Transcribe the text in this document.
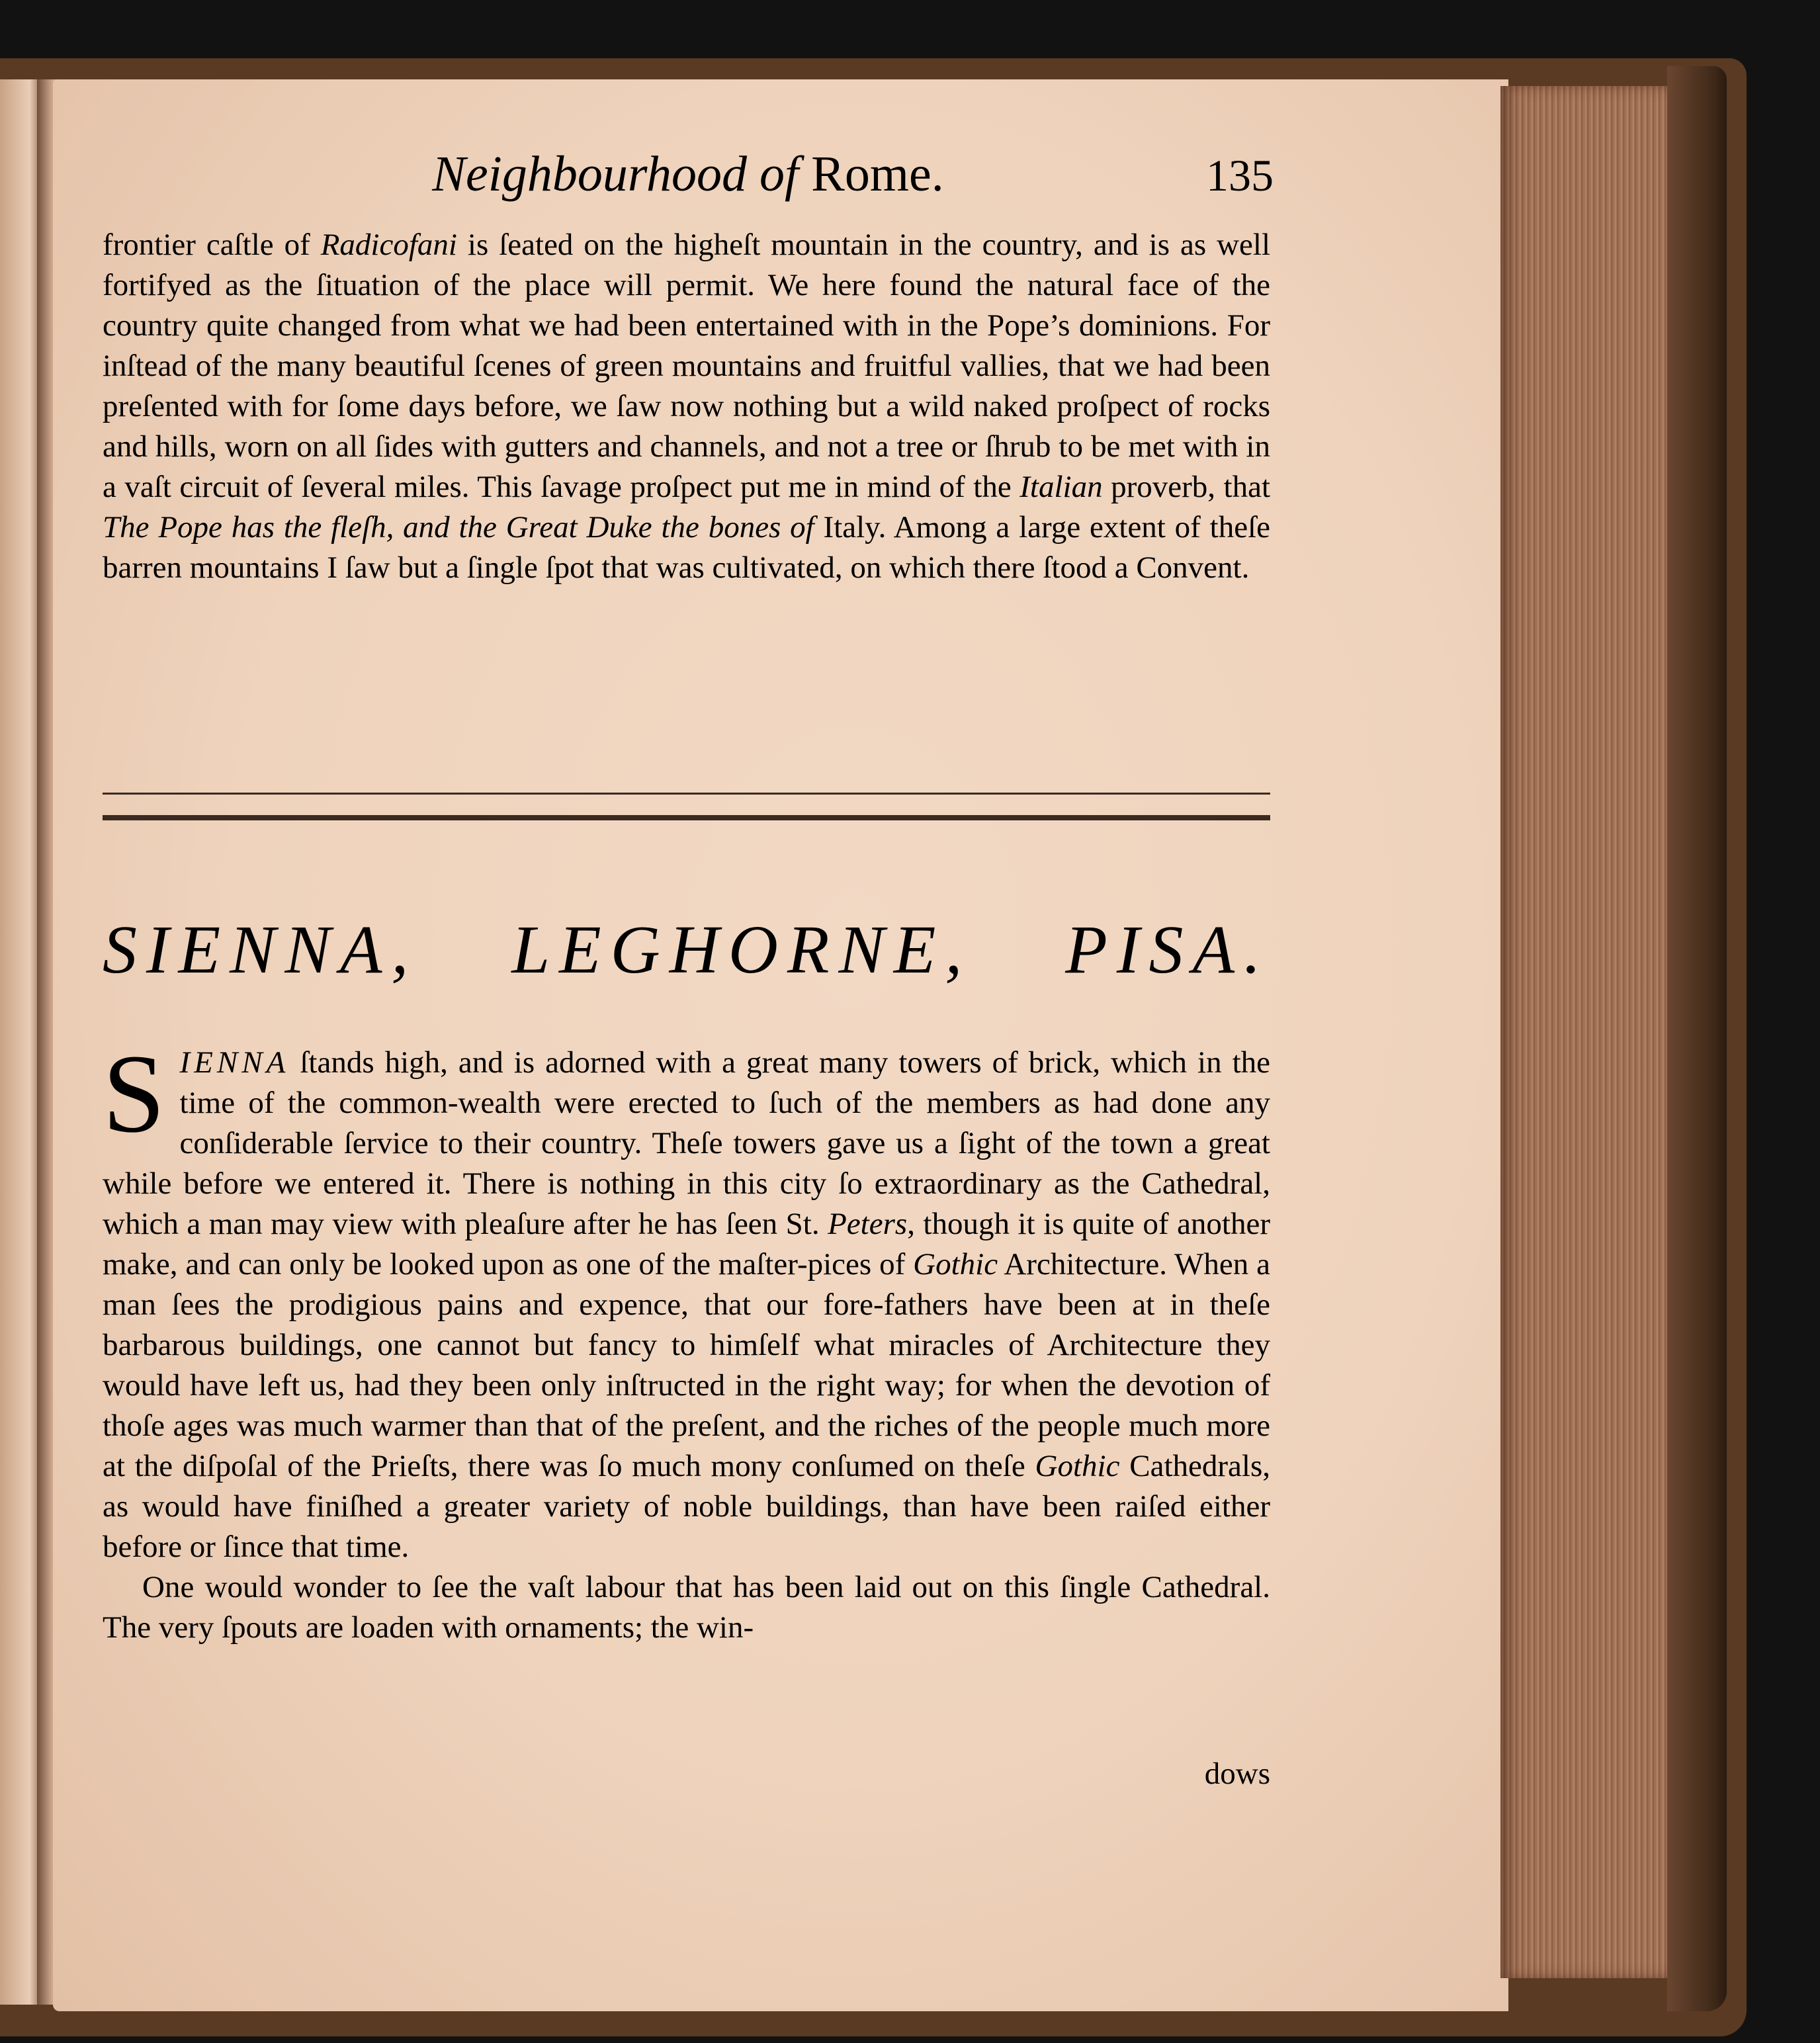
Neighbourhood of Rome.	135

frontier caſtle of Radicofani is ſeated on the higheſt mountain in the country, and is as well fortifyed as the ſituation of the place will permit. We here found the natural face of the country quite changed from what we had been entertained with in the Pope’s dominions. For inſtead of the many beautiful ſcenes of green mountains and fruitful vallies, that we had been preſented with for ſome days before, we ſaw now nothing but a wild naked proſpect of rocks and hills, worn on all ſides with gutters and channels, and not a tree or ſhrub to be met with in a vaſt circuit of ſeveral miles. This ſavage proſpect put me in mind of the Italian proverb, that The Pope has the fleſh, and the Great Duke the bones of Italy. Among a large extent of theſe barren mountains I ſaw but a ſingle ſpot that was cultivated, on which there ſtood a Convent.

SIENNA, LEGHORNE, PISA.

SIENNA ſtands high, and is adorned with a great many towers of brick, which in the time of the common-wealth were erected to ſuch of the members as had done any conſiderable ſervice to their country. Theſe towers gave us a ſight of the town a great while before we entered it. There is nothing in this city ſo extraordinary as the Cathedral, which a man may view with pleaſure after he has ſeen St. Peters, though it is quite of another make, and can only be looked upon as one of the maſter-pices of Gothic Architecture. When a man ſees the prodigious pains and expence, that our fore-fathers have been at in theſe barbarous buildings, one cannot but fancy to himſelf what miracles of Architecture they would have left us, had they been only inſtructed in the right way; for when the devotion of thoſe ages was much warmer than that of the preſent, and the riches of the people much more at the diſpoſal of the Prieſts, there was ſo much mony conſumed on theſe Gothic Cathedrals, as would have finiſhed a greater variety of noble buildings, than have been raiſed either before or ſince that time.

One would wonder to ſee the vaſt labour that has been laid out on this ſingle Cathedral. The very ſpouts are loaden with ornaments; the win-

dows
